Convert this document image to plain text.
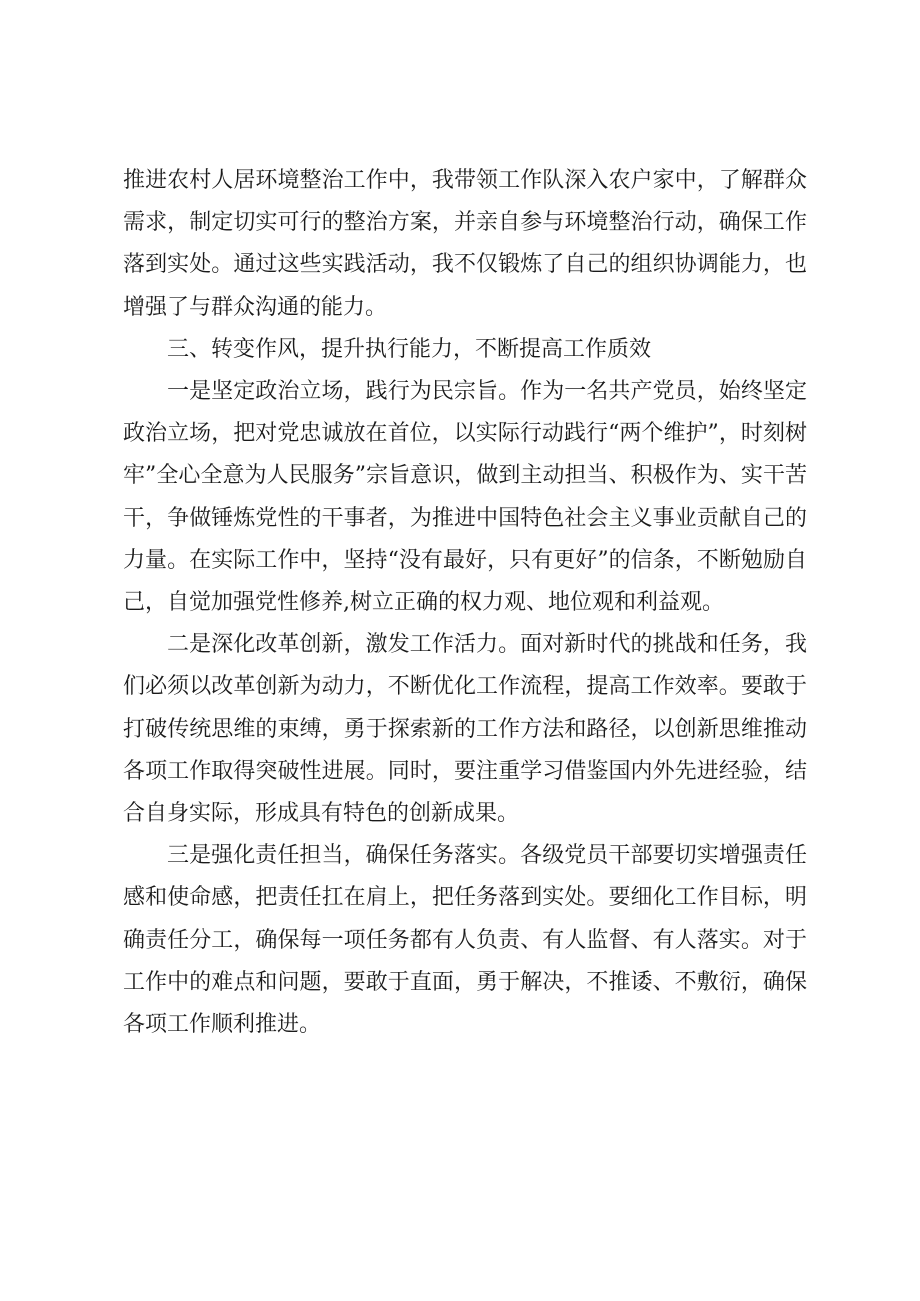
推进农村人居环境整治工作中，我带领工作队深入农户家中，了解群众需求，制定切实可行的整治方案，并亲自参与环境整治行动，确保工作落到实处。通过这些实践活动，我不仅锻炼了自己的组织协调能力，也增强了与群众沟通的能力。

三、转变作风，提升执行能力，不断提高工作质效

一是坚定政治立场，践行为民宗旨。作为一名共产党员，始终坚定政治立场，把对党忠诚放在首位，以实际行动践行“两个维护”，时刻树牢”全心全意为人民服务”宗旨意识，做到主动担当、积极作为、实干苦干，争做锤炼党性的干事者，为推进中国特色社会主义事业贡献自己的力量。在实际工作中，坚持“没有最好，只有更好”的信条，不断勉励自己，自觉加强党性修养,树立正确的权力观、地位观和利益观。

二是深化改革创新，激发工作活力。面对新时代的挑战和任务，我们必须以改革创新为动力，不断优化工作流程，提高工作效率。要敢于打破传统思维的束缚，勇于探索新的工作方法和路径，以创新思维推动各项工作取得突破性进展。同时，要注重学习借鉴国内外先进经验，结合自身实际，形成具有特色的创新成果。

三是强化责任担当，确保任务落实。各级党员干部要切实增强责任感和使命感，把责任扛在肩上，把任务落到实处。要细化工作目标，明确责任分工，确保每一项任务都有人负责、有人监督、有人落实。对于工作中的难点和问题，要敢于直面，勇于解决，不推诿、不敷衍，确保各项工作顺利推进。
